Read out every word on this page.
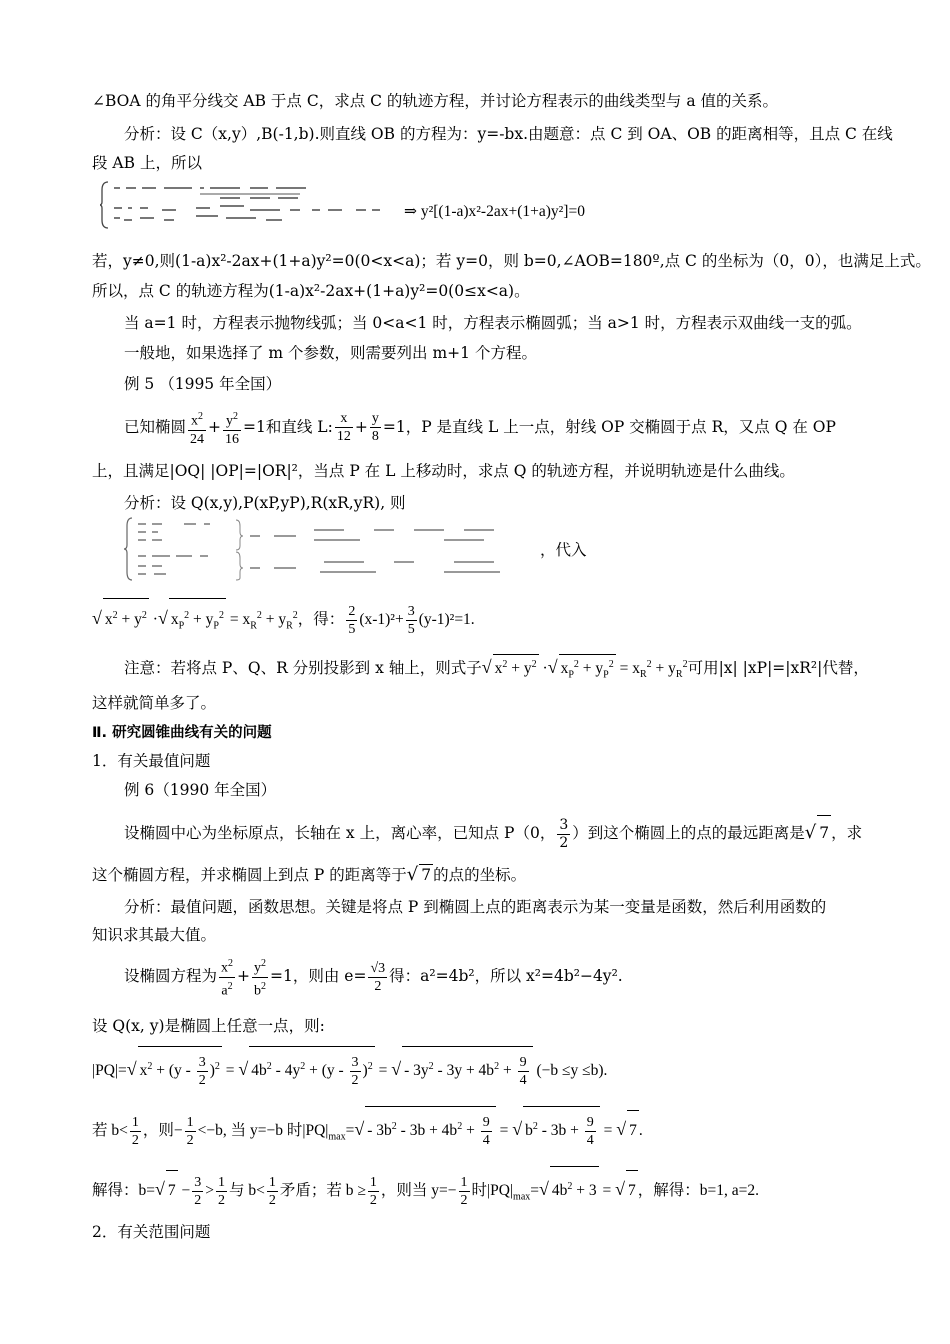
∠BOA 的角平分线交 AB 于点 C，求点 C 的轨迹方程，并讨论方程表示的曲线类型与 a 值的关系。
分析：设 C（x,y）,B(-1,b).则直线 OB 的方程为：y=-bx.由题意：点 C 到 OA、OB 的距离相等，且点 C 在线
段 AB 上，所以
⇒ y²[(1-a)x²-2ax+(1+a)y²]=0
若，y≠0,则(1-a)x²-2ax+(1+a)y²=0(0<x<a)；若 y=0，则 b=0,∠AOB=180º,点 C 的坐标为（0，0），也满足上式。
所以，点 C 的轨迹方程为(1-a)x²-2ax+(1+a)y²=0(0≤x<a)。
当 a=1 时，方程表示抛物线弧；当 0<a<1 时，方程表示椭圆弧；当 a>1 时，方程表示双曲线一支的弧。
一般地，如果选择了 m 个参数，则需要列出 m+1 个方程。
例 5 （1995 年全国）
已知椭圆 $\frac{x^2}{24} + \frac{y^2}{16} =1$和直线 L: $\frac{x}{12} + \frac{y}{8} =1$，P 是直线 L 上一点，射线 OP 交椭圆于点 R，又点 Q 在 OP
上，且满足|OQ| |OP|=|OR|²，当点 P 在 L 上移动时，求点 Q 的轨迹方程，并说明轨迹是什么曲线。
分析：设 Q(x,y),P(xP,yP),R(xR,yR), 则
，代入
√ $x^2 + y^2$ ·√ $x_P^2 + y_P^2 = x_R^2 + y_R^2$，得： $\frac{2}{5} (x-1)^2+ \frac{3}{5} (y-1)^2=1$.
注意：若将点 P、Q、R 分别投影到 x 轴上，则式子√ $x^2 + y^2$ ·√ $x_P^2 + y_P^2 = x_R^2 + y_R^2$可用|x| |xP|=|xR²|代替，
这样就简单多了。
Ⅱ. 研究圆锥曲线有关的问题
1．有关最值问题
例 6（1990 年全国）
设椭圆中心为坐标原点，长轴在 x 上，离心率，已知点 P（0， $\frac{3}{2}$ ）到这个椭圆上的点的最远距离是√ 7 ，求
这个椭圆方程，并求椭圆上到点 P 的距离等于√ 7 的点的坐标。
分析：最值问题，函数思想。关键是将点 P 到椭圆上点的距离表示为某一变量是函数，然后利用函数的
知识求其最大值。
设椭圆方程为 $\frac{x^2}{a^2} + \frac{y^2}{b^2} =1$，则由 $e= \frac{√3}{2}$ 得：a²=4b²，所以 x²=4b²−4y².
设 Q(x, y)是椭圆上任意一点，则:
|PQ|=√ $x^2 + (y - \frac{3}{2} )^2$ = √ $4b^2 - 4y^2 + (y - \frac{3}{2} )^2$ = √ - $3y^2 - 3y + 4b^2 + \frac{9}{4} (-b \le y \le b)$.
若 $b< \frac{1}{2}$ ，则− $\frac{1}{2} <-b$, 当 y=−b 时$|PQ|_{max}=√ - 3b^2 - 3b + 4b^2 + \frac{9}{4}$ = √ $b^2 - 3b + \frac{9}{4}$ = √ 7 .
解得：b=√ $7 - \frac{3}{2} > \frac{1}{2}$ 与 $b< \frac{1}{2}$ 矛盾；若 $b \ge \frac{1}{2}$ ，则当 $y=- \frac{1}{2}$ 时$|PQ|_{max}=√$ $4b^2 + 3$ = √ 7 ，解得：b=1, a=2.
2．有关范围问题
